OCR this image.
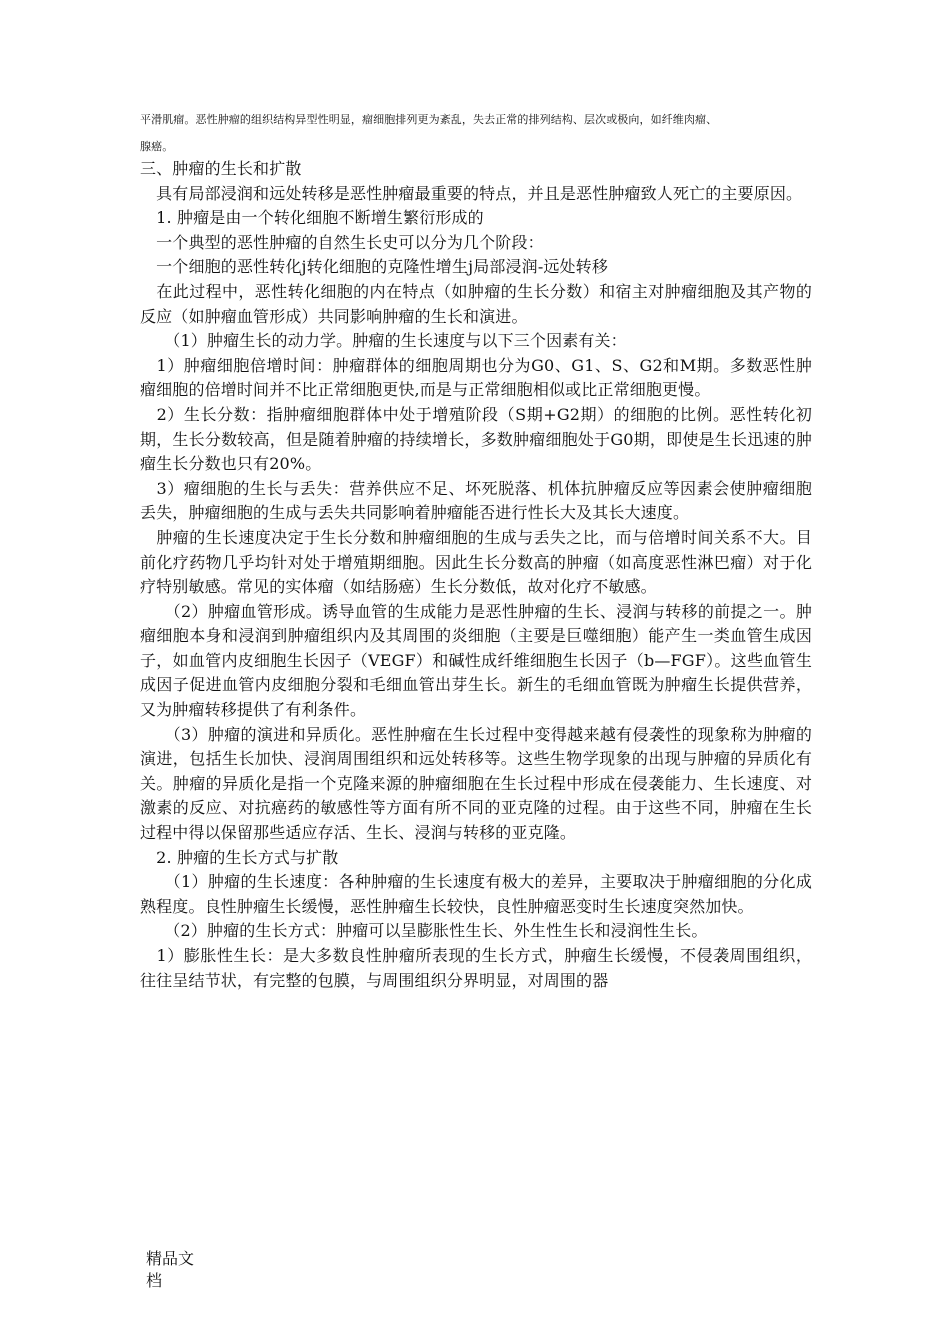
平滑肌瘤。恶性肿瘤的组织结构异型性明显，瘤细胞排列更为紊乱，失去正常的排列结构、层次或极向，如纤维肉瘤、
腺癌。
三、肿瘤的生长和扩散

　具有局部浸润和远处转移是恶性肿瘤最重要的特点，并且是恶性肿瘤致人死亡的主要原因。

　1. 肿瘤是由一个转化细胞不断增生繁衍形成的

　一个典型的恶性肿瘤的自然生长史可以分为几个阶段：

　一个细胞的恶性转化j转化细胞的克隆性增生j局部浸润-远处转移

　在此过程中，恶性转化细胞的内在特点（如肿瘤的生长分数）和宿主对肿瘤细胞及其产物的反应（如肿瘤血管形成）共同影响肿瘤的生长和演进。

　　（1）肿瘤生长的动力学。肿瘤的生长速度与以下三个因素有关：

　1）肿瘤细胞倍增时间：肿瘤群体的细胞周期也分为G0、G1、S、G2和M期。多数恶性肿瘤细胞的倍增时间并不比正常细胞更快,而是与正常细胞相似或比正常细胞更慢。

　2）生长分数：指肿瘤细胞群体中处于增殖阶段（S期+G2期）的细胞的比例。恶性转化初期，生长分数较高，但是随着肿瘤的持续增长，多数肿瘤细胞处于G0期，即使是生长迅速的肿瘤生长分数也只有20%。

　3）瘤细胞的生长与丢失：营养供应不足、坏死脱落、机体抗肿瘤反应等因素会使肿瘤细胞丢失，肿瘤细胞的生成与丢失共同影响着肿瘤能否进行性长大及其长大速度。

　肿瘤的生长速度决定于生长分数和肿瘤细胞的生成与丢失之比，而与倍增时间关系不大。目前化疗药物几乎均针对处于增殖期细胞。因此生长分数高的肿瘤（如高度恶性淋巴瘤）对于化疗特别敏感。常见的实体瘤（如结肠癌）生长分数低，故对化疗不敏感。

　　（2）肿瘤血管形成。诱导血管的生成能力是恶性肿瘤的生长、浸润与转移的前提之一。肿瘤细胞本身和浸润到肿瘤组织内及其周围的炎细胞（主要是巨噬细胞）能产生一类血管生成因子，如血管内皮细胞生长因子（VEGF）和碱性成纤维细胞生长因子（b—FGF）。这些血管生成因子促进血管内皮细胞分裂和毛细血管出芽生长。新生的毛细血管既为肿瘤生长提供营养，又为肿瘤转移提供了有利条件。

　　（3）肿瘤的演进和异质化。恶性肿瘤在生长过程中变得越来越有侵袭性的现象称为肿瘤的演进，包括生长加快、浸润周围组织和远处转移等。这些生物学现象的出现与肿瘤的异质化有关。肿瘤的异质化是指一个克隆来源的肿瘤细胞在生长过程中形成在侵袭能力、生长速度、对激素的反应、对抗癌药的敏感性等方面有所不同的亚克隆的过程。由于这些不同，肿瘤在生长过程中得以保留那些适应存活、生长、浸润与转移的亚克隆。

　2. 肿瘤的生长方式与扩散

　　（1）肿瘤的生长速度：各种肿瘤的生长速度有极大的差异，主要取决于肿瘤细胞的分化成熟程度。良性肿瘤生长缓慢，恶性肿瘤生长较快，良性肿瘤恶变时生长速度突然加快。

　　（2）肿瘤的生长方式：肿瘤可以呈膨胀性生长、外生性生长和浸润性生长。

　1）膨胀性生长：是大多数良性肿瘤所表现的生长方式，肿瘤生长缓慢，不侵袭周围组织，往往呈结节状，有完整的包膜，与周围组织分界明显，对周围的器

精品文
档
